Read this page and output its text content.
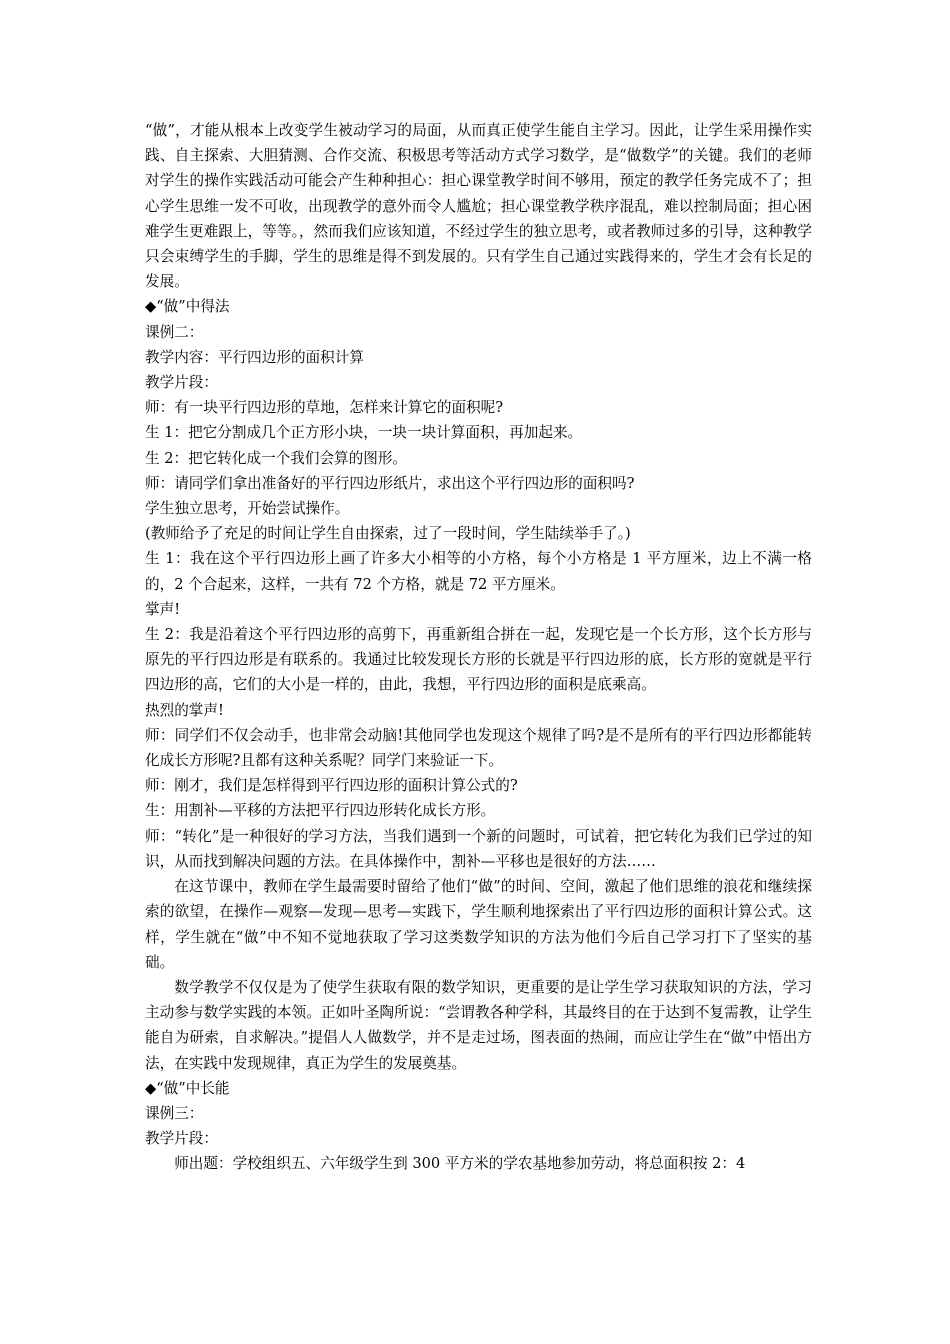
“做”，才能从根本上改变学生被动学习的局面，从而真正使学生能自主学习。因此，让学生采用操作实践、自主探索、大胆猜测、合作交流、积极思考等活动方式学习数学，是“做数学”的关键。我们的老师对学生的操作实践活动可能会产生种种担心：担心课堂教学时间不够用，预定的教学任务完成不了；担心学生思维一发不可收，出现教学的意外而令人尴尬；担心课堂教学秩序混乱，难以控制局面；担心困难学生更难跟上，等等。，然而我们应该知道，不经过学生的独立思考，或者教师过多的引导，这种教学只会束缚学生的手脚，学生的思维是得不到发展的。只有学生自己通过实践得来的，学生才会有长足的发展。

◆“做”中得法

课例二：

教学内容：平行四边形的面积计算

教学片段：

师：有一块平行四边形的草地，怎样来计算它的面积呢?

生 1：把它分割成几个正方形小块，一块一块计算面积，再加起来。

生 2：把它转化成一个我们会算的图形。

师：请同学们拿出准备好的平行四边形纸片，求出这个平行四边形的面积吗?

学生独立思考，开始尝试操作。

(教师给予了充足的时间让学生自由探索，过了一段时间，学生陆续举手了。)

生 1：我在这个平行四边形上画了许多大小相等的小方格，每个小方格是 1 平方厘米，边上不满一格的，2 个合起来，这样，一共有 72 个方格，就是 72 平方厘米。

掌声!

生 2：我是沿着这个平行四边形的高剪下，再重新组合拼在一起，发现它是一个长方形，这个长方形与原先的平行四边形是有联系的。我通过比较发现长方形的长就是平行四边形的底，长方形的宽就是平行四边形的高，它们的大小是一样的，由此，我想，平行四边形的面积是底乘高。

热烈的掌声!

师：同学们不仅会动手，也非常会动脑!其他同学也发现这个规律了吗?是不是所有的平行四边形都能转化成长方形呢?且都有这种关系呢？同学门来验证一下。

师：刚才，我们是怎样得到平行四边形的面积计算公式的?

生：用割补—平移的方法把平行四边形转化成长方形。

师：“转化”是一种很好的学习方法，当我们遇到一个新的问题时，可试着，把它转化为我们已学过的知识，从而找到解决问题的方法。在具体操作中，割补—平移也是很好的方法……

在这节课中，教师在学生最需要时留给了他们“做”的时间、空间，激起了他们思维的浪花和继续探索的欲望，在操作—观察—发现—思考—实践下，学生顺利地探索出了平行四边形的面积计算公式。这样，学生就在“做”中不知不觉地获取了学习这类数学知识的方法为他们今后自己学习打下了坚实的基础。

数学教学不仅仅是为了使学生获取有限的数学知识，更重要的是让学生学习获取知识的方法，学习主动参与数学实践的本领。正如叶圣陶所说：“尝谓教各种学科，其最终目的在于达到不复需教，让学生能自为研索，自求解决。”提倡人人做数学，并不是走过场，图表面的热闹，而应让学生在“做”中悟出方法，在实践中发现规律，真正为学生的发展奠基。

◆“做”中长能

课例三：

教学片段：

师出题：学校组织五、六年级学生到 300 平方米的学农基地参加劳动，将总面积按 2：4
